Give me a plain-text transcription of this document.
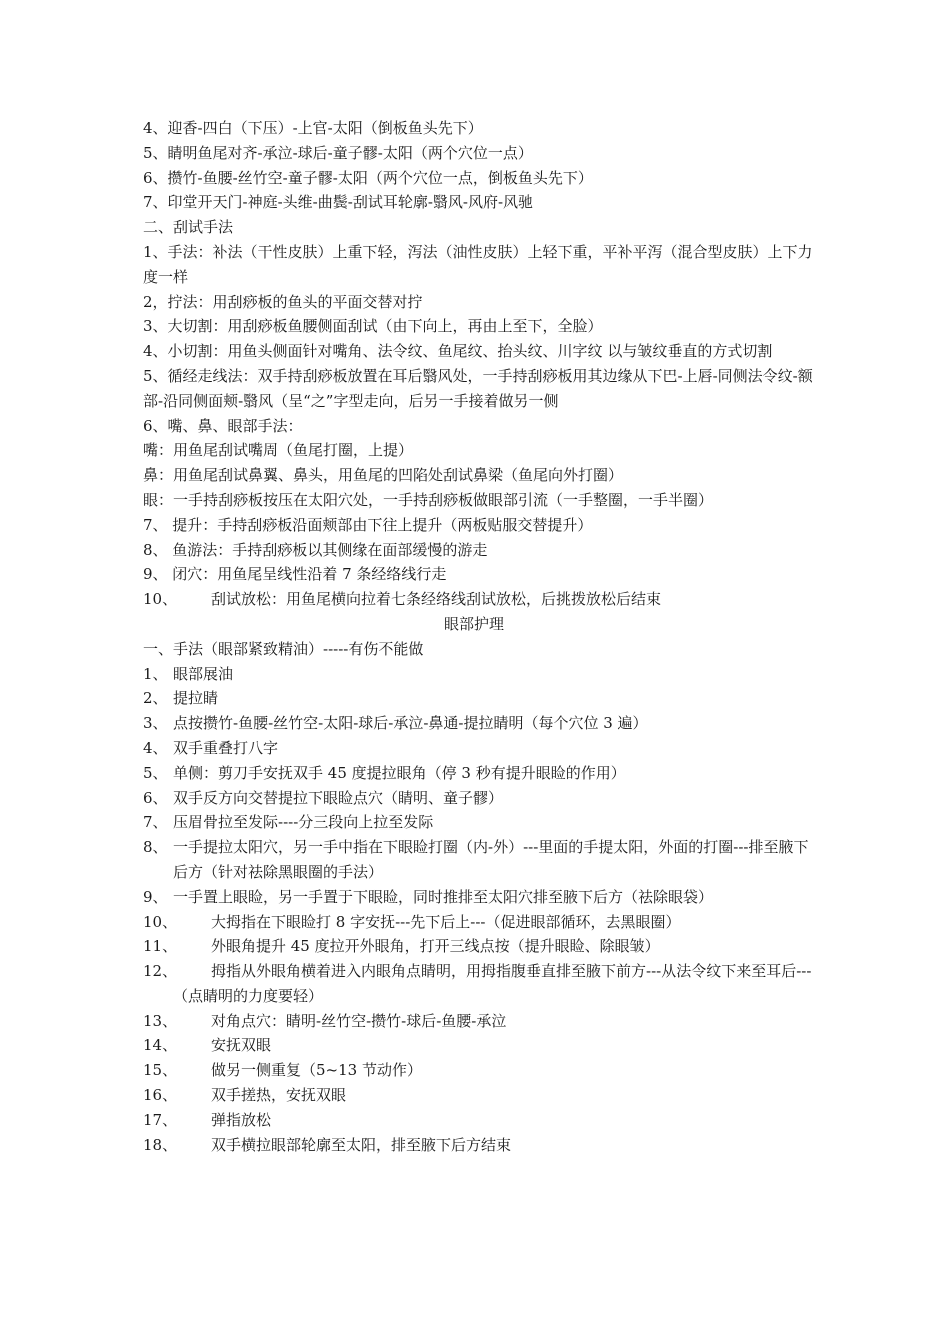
4、迎香-四白（下压）-上官-太阳（倒板鱼头先下）
5、睛明鱼尾对齐-承泣-球后-童子髎-太阳（两个穴位一点）
6、攒竹-鱼腰-丝竹空-童子髎-太阳（两个穴位一点，倒板鱼头先下）
7、印堂开天门-神庭-头维-曲鬓-刮试耳轮廓-翳风-风府-风驰
二、刮试手法
1、手法：补法（干性皮肤）上重下轻，泻法（油性皮肤）上轻下重，平补平泻（混合型皮肤）上下力度一样
2，拧法：用刮痧板的鱼头的平面交替对拧
3、大切割：用刮痧板鱼腰侧面刮试（由下向上，再由上至下，全脸）
4、小切割：用鱼头侧面针对嘴角、法令纹、鱼尾纹、抬头纹、川字纹 以与皱纹垂直的方式切割
5、循经走线法：双手持刮痧板放置在耳后翳风处，一手持刮痧板用其边缘从下巴-上唇-同侧法令纹-额部-沿同侧面颊-翳风（呈“之”字型走向，后另一手接着做另一侧
6、嘴、鼻、眼部手法：
嘴：用鱼尾刮试嘴周（鱼尾打圈，上提）
鼻：用鱼尾刮试鼻翼、鼻头，用鱼尾的凹陷处刮试鼻梁（鱼尾向外打圈）
眼：一手持刮痧板按压在太阳穴处，一手持刮痧板做眼部引流（一手整圈，一手半圈）
7、 提升：手持刮痧板沿面颊部由下往上提升（两板贴服交替提升）
8、 鱼游法：手持刮痧板以其侧缘在面部缓慢的游走
9、 闭穴：用鱼尾呈线性沿着 7 条经络线行走
10、 刮试放松：用鱼尾横向拉着七条经络线刮试放松，后挑拨放松后结束
眼部护理
一、手法（眼部紧致精油）-----有伤不能做
1、 眼部展油
2、 提拉睛
3、 点按攒竹-鱼腰-丝竹空-太阳-球后-承泣-鼻通-提拉睛明（每个穴位 3 遍）
4、 双手重叠打八字
5、 单侧：剪刀手安抚双手 45 度提拉眼角（停 3 秒有提升眼睑的作用）
6、 双手反方向交替提拉下眼睑点穴（睛明、童子髎）
7、 压眉骨拉至发际----分三段向上拉至发际
8、 一手提拉太阳穴，另一手中指在下眼睑打圈（内-外）---里面的手提太阳，外面的打圈---排至腋下后方（针对祛除黑眼圈的手法）
9、 一手置上眼睑，另一手置于下眼睑，同时推排至太阳穴排至腋下后方（祛除眼袋）
10、 大拇指在下眼睑打 8 字安抚---先下后上---（促进眼部循环，去黑眼圈）
11、 外眼角提升 45 度拉开外眼角，打开三线点按（提升眼睑、除眼皱）
12、 拇指从外眼角横着进入内眼角点睛明，用拇指腹垂直排至腋下前方---从法令纹下来至耳后---（点睛明的力度要轻）
13、 对角点穴：睛明-丝竹空-攒竹-球后-鱼腰-承泣
14、 安抚双眼
15、 做另一侧重复（5~13 节动作）
16、 双手搓热，安抚双眼
17、 弹指放松
18、 双手横拉眼部轮廓至太阳，排至腋下后方结束
